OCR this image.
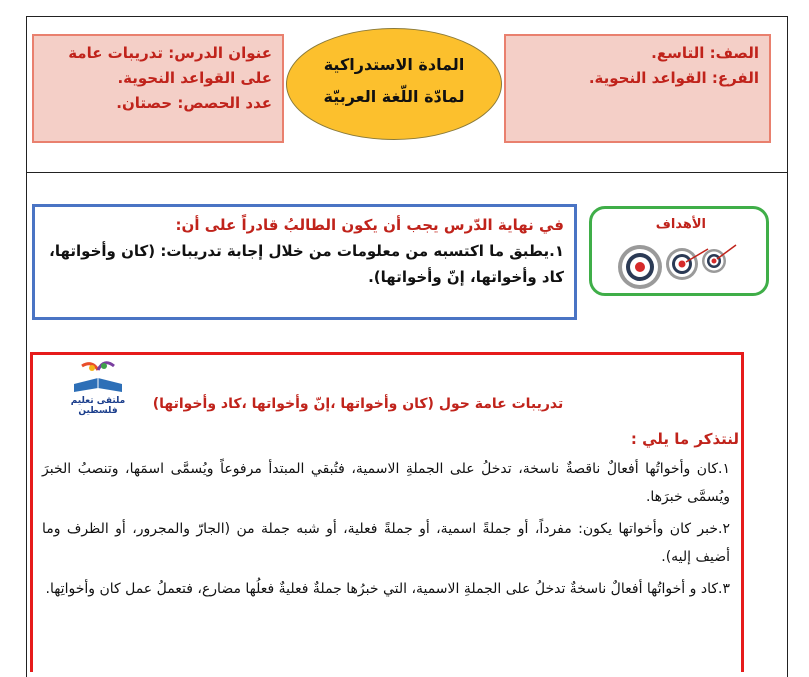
الصف: التاسع.
الفرع: القواعد النحوية.
المادة الاستدراكية
لمادّة اللّغة العربيّة
عنوان الدرس: تدريبات عامة على القواعد النحوية.
عدد الحصص: حصتان.
في نهاية الدّرس يجب أن يكون الطالبُ قادراً على أن:
١.يطبق ما اكتسبه من معلومات من خلال إجابة تدريبات: (كان وأخواتها، كاد وأخواتها، إنّ وأخواتها).
الأهداف
ملتقى تعليم فلسطين	تدريبات عامة حول (كان وأخواتها ،إنّ وأخواتها ،كاد وأخواتها)
لنتذكر ما يلي :
١.كان وأخواتُها أفعالٌ ناقصةٌ ناسخة، تدخلُ على الجملةِ الاسمية، فتُبقي المبتدأ مرفوعاً ويُسمَّى اسمَها، وتنصبُ الخبرَ ويُسمَّى خبرَها.
٢.خبر كان وأخواتها يكون: مفرداً، أو جملةً اسمية، أو جملةً فعلية، أو شبه جملة من (الجارّ والمجرور، أو الظرف وما أضيف إليه).
٣.كاد و أخواتُها أفعالٌ ناسخةٌ تدخلُ على الجملةِ الاسمية، التي خبرُها جملةٌ فعليةٌ فعلُها مضارع، فتعملُ عمل كان وأخواتِها.
